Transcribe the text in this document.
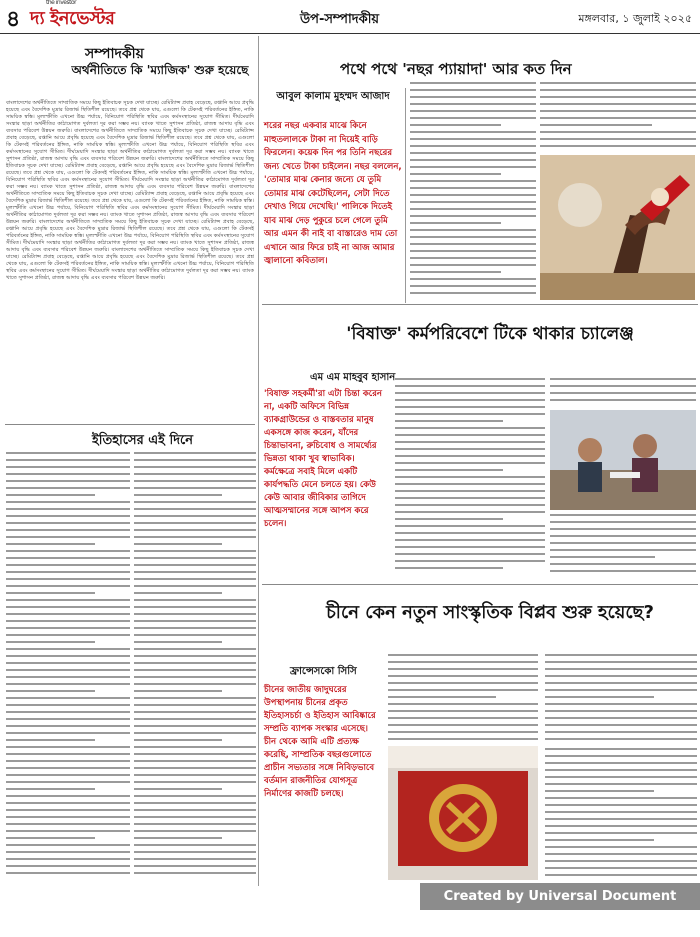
৪
the investor
দ্য ইনভেস্টর	উপ-সম্পাদকীয়	মঙ্গলবার, ১ জুলাই ২০২৫
সম্পাদকীয়
অর্থনীতিতে কি 'ম্যাজিক' শুরু হয়েছে
বাংলাদেশের অর্থনীতিতে সাম্প্রতিক সময়ে কিছু ইতিবাচক সূচক দেখা যাচ্ছে। রেমিট্যান্স প্রবাহ বেড়েছে, রপ্তানি আয়ে প্রবৃদ্ধি হয়েছে এবং বৈদেশিক মুদ্রার রিজার্ভ স্থিতিশীল রয়েছে। তবে প্রশ্ন থেকে যায়, এগুলো কি টেকসই পরিবর্তনের ইঙ্গিত, নাকি সাময়িক স্বস্তি। মূল্যস্ফীতি এখনো উচ্চ পর্যায়ে, বিনিয়োগ পরিস্থিতি স্থবির এবং কর্মসংস্থানের সুযোগ সীমিত। দীর্ঘমেয়াদি সংস্কার ছাড়া অর্থনীতির কাঠামোগত দুর্বলতা দূর করা সম্ভব নয়। ব্যাংক খাতে সুশাসন প্রতিষ্ঠা, রাজস্ব আদায় বৃদ্ধি এবং ব্যবসার পরিবেশ উন্নয়ন জরুরি। বাংলাদেশের অর্থনীতিতে সাম্প্রতিক সময়ে কিছু ইতিবাচক সূচক দেখা যাচ্ছে। রেমিট্যান্স প্রবাহ বেড়েছে, রপ্তানি আয়ে প্রবৃদ্ধি হয়েছে এবং বৈদেশিক মুদ্রার রিজার্ভ স্থিতিশীল রয়েছে। তবে প্রশ্ন থেকে যায়, এগুলো কি টেকসই পরিবর্তনের ইঙ্গিত, নাকি সাময়িক স্বস্তি। মূল্যস্ফীতি এখনো উচ্চ পর্যায়ে, বিনিয়োগ পরিস্থিতি স্থবির এবং কর্মসংস্থানের সুযোগ সীমিত। দীর্ঘমেয়াদি সংস্কার ছাড়া অর্থনীতির কাঠামোগত দুর্বলতা দূর করা সম্ভব নয়। ব্যাংক খাতে সুশাসন প্রতিষ্ঠা, রাজস্ব আদায় বৃদ্ধি এবং ব্যবসার পরিবেশ উন্নয়ন জরুরি। বাংলাদেশের অর্থনীতিতে সাম্প্রতিক সময়ে কিছু ইতিবাচক সূচক দেখা যাচ্ছে। রেমিট্যান্স প্রবাহ বেড়েছে, রপ্তানি আয়ে প্রবৃদ্ধি হয়েছে এবং বৈদেশিক মুদ্রার রিজার্ভ স্থিতিশীল রয়েছে। তবে প্রশ্ন থেকে যায়, এগুলো কি টেকসই পরিবর্তনের ইঙ্গিত, নাকি সাময়িক স্বস্তি। মূল্যস্ফীতি এখনো উচ্চ পর্যায়ে, বিনিয়োগ পরিস্থিতি স্থবির এবং কর্মসংস্থানের সুযোগ সীমিত। দীর্ঘমেয়াদি সংস্কার ছাড়া অর্থনীতির কাঠামোগত দুর্বলতা দূর করা সম্ভব নয়। ব্যাংক খাতে সুশাসন প্রতিষ্ঠা, রাজস্ব আদায় বৃদ্ধি এবং ব্যবসার পরিবেশ উন্নয়ন জরুরি। বাংলাদেশের অর্থনীতিতে সাম্প্রতিক সময়ে কিছু ইতিবাচক সূচক দেখা যাচ্ছে। রেমিট্যান্স প্রবাহ বেড়েছে, রপ্তানি আয়ে প্রবৃদ্ধি হয়েছে এবং বৈদেশিক মুদ্রার রিজার্ভ স্থিতিশীল রয়েছে। তবে প্রশ্ন থেকে যায়, এগুলো কি টেকসই পরিবর্তনের ইঙ্গিত, নাকি সাময়িক স্বস্তি। মূল্যস্ফীতি এখনো উচ্চ পর্যায়ে, বিনিয়োগ পরিস্থিতি স্থবির এবং কর্মসংস্থানের সুযোগ সীমিত। দীর্ঘমেয়াদি সংস্কার ছাড়া অর্থনীতির কাঠামোগত দুর্বলতা দূর করা সম্ভব নয়। ব্যাংক খাতে সুশাসন প্রতিষ্ঠা, রাজস্ব আদায় বৃদ্ধি এবং ব্যবসার পরিবেশ উন্নয়ন জরুরি। বাংলাদেশের অর্থনীতিতে সাম্প্রতিক সময়ে কিছু ইতিবাচক সূচক দেখা যাচ্ছে। রেমিট্যান্স প্রবাহ বেড়েছে, রপ্তানি আয়ে প্রবৃদ্ধি হয়েছে এবং বৈদেশিক মুদ্রার রিজার্ভ স্থিতিশীল রয়েছে। তবে প্রশ্ন থেকে যায়, এগুলো কি টেকসই পরিবর্তনের ইঙ্গিত, নাকি সাময়িক স্বস্তি। মূল্যস্ফীতি এখনো উচ্চ পর্যায়ে, বিনিয়োগ পরিস্থিতি স্থবির এবং কর্মসংস্থানের সুযোগ সীমিত। দীর্ঘমেয়াদি সংস্কার ছাড়া অর্থনীতির কাঠামোগত দুর্বলতা দূর করা সম্ভব নয়। ব্যাংক খাতে সুশাসন প্রতিষ্ঠা, রাজস্ব আদায় বৃদ্ধি এবং ব্যবসার পরিবেশ উন্নয়ন জরুরি। বাংলাদেশের অর্থনীতিতে সাম্প্রতিক সময়ে কিছু ইতিবাচক সূচক দেখা যাচ্ছে। রেমিট্যান্স প্রবাহ বেড়েছে, রপ্তানি আয়ে প্রবৃদ্ধি হয়েছে এবং বৈদেশিক মুদ্রার রিজার্ভ স্থিতিশীল রয়েছে। তবে প্রশ্ন থেকে যায়, এগুলো কি টেকসই পরিবর্তনের ইঙ্গিত, নাকি সাময়িক স্বস্তি। মূল্যস্ফীতি এখনো উচ্চ পর্যায়ে, বিনিয়োগ পরিস্থিতি স্থবির এবং কর্মসংস্থানের সুযোগ সীমিত। দীর্ঘমেয়াদি সংস্কার ছাড়া অর্থনীতির কাঠামোগত দুর্বলতা দূর করা সম্ভব নয়। ব্যাংক খাতে সুশাসন প্রতিষ্ঠা, রাজস্ব আদায় বৃদ্ধি এবং ব্যবসার পরিবেশ উন্নয়ন জরুরি।
ইতিহাসের এই দিনে
পথে পথে 'নছর প্যায়াদা' আর কত দিন
আবুল কালাম মুহম্মদ আজাদ
শরের নছর একবার মাঝে কিনে মাহুতলালকে টাকা না দিয়েই বাড়ি ফিরলেন। কয়েক দিন পর তিনি নছরের জন্য খেতে টাকা চাইলেন। নছর বললেন, 'তোমার মাঝ কেনার জন্যে যে তুমি তোমার মাঝ কেটেছিলেন, সেটা দিতে দেখাও গিয়ে দেখেছি।' পালিকে দিতেই যাব মাঝ দেড় পুকুরে চলে গেলে তুমি আর এমন কী নাই বা বাস্তারেও দাম তো এখানে আর ফিরে চাই না আজ আমার জ্বালানো কবিতাল।
'বিষাক্ত' কর্মপরিবেশে টিকে থাকার চ্যালেঞ্জ
এম এম মাহবুব হাসান
'বিষাক্ত সহকর্মী'রা এটা চিন্তা করেন না, একটি অফিসে বিভিন্ন ব্যাকগ্রাউন্ডের ও বাস্তবতার মানুষ একসঙ্গে কাজ করেন, যাঁদের চিন্তাভাবনা, রুচিবোধ ও সামর্থ্যের ভিন্নতা থাকা খুব স্বাভাবিক। কর্মক্ষেত্রে সবাই মিলে একটি কার্যপদ্ধতি মেনে চলতে হয়। কেউ কেউ আবার জীবিকার তাগিদে আত্মসম্মানের সঙ্গে আপস করে চলেন।
চীনে কেন নতুন সাংস্কৃতিক বিপ্লব শুরু হয়েছে?
ফ্রান্সেসকো সিসি
চীনের জাতীয় জাদুঘরের উপস্থাপনায় চীনের প্রকৃত ইতিহাসচর্চা ও ইতিহাস আবিষ্কারে সম্প্রতি ব্যাপক সংস্কার এসেছে। চীন থেকে আমি এটি প্রত্যক্ষ করেছি, সাম্প্রতিক বছরগুলোতে প্রাচীন সভ্যতার সঙ্গে নিবিড়ভাবে বর্তমান রাজনীতির যোগসূত্র নির্মাণের কাজটি চলছে।
Created by Universal Document Converter
